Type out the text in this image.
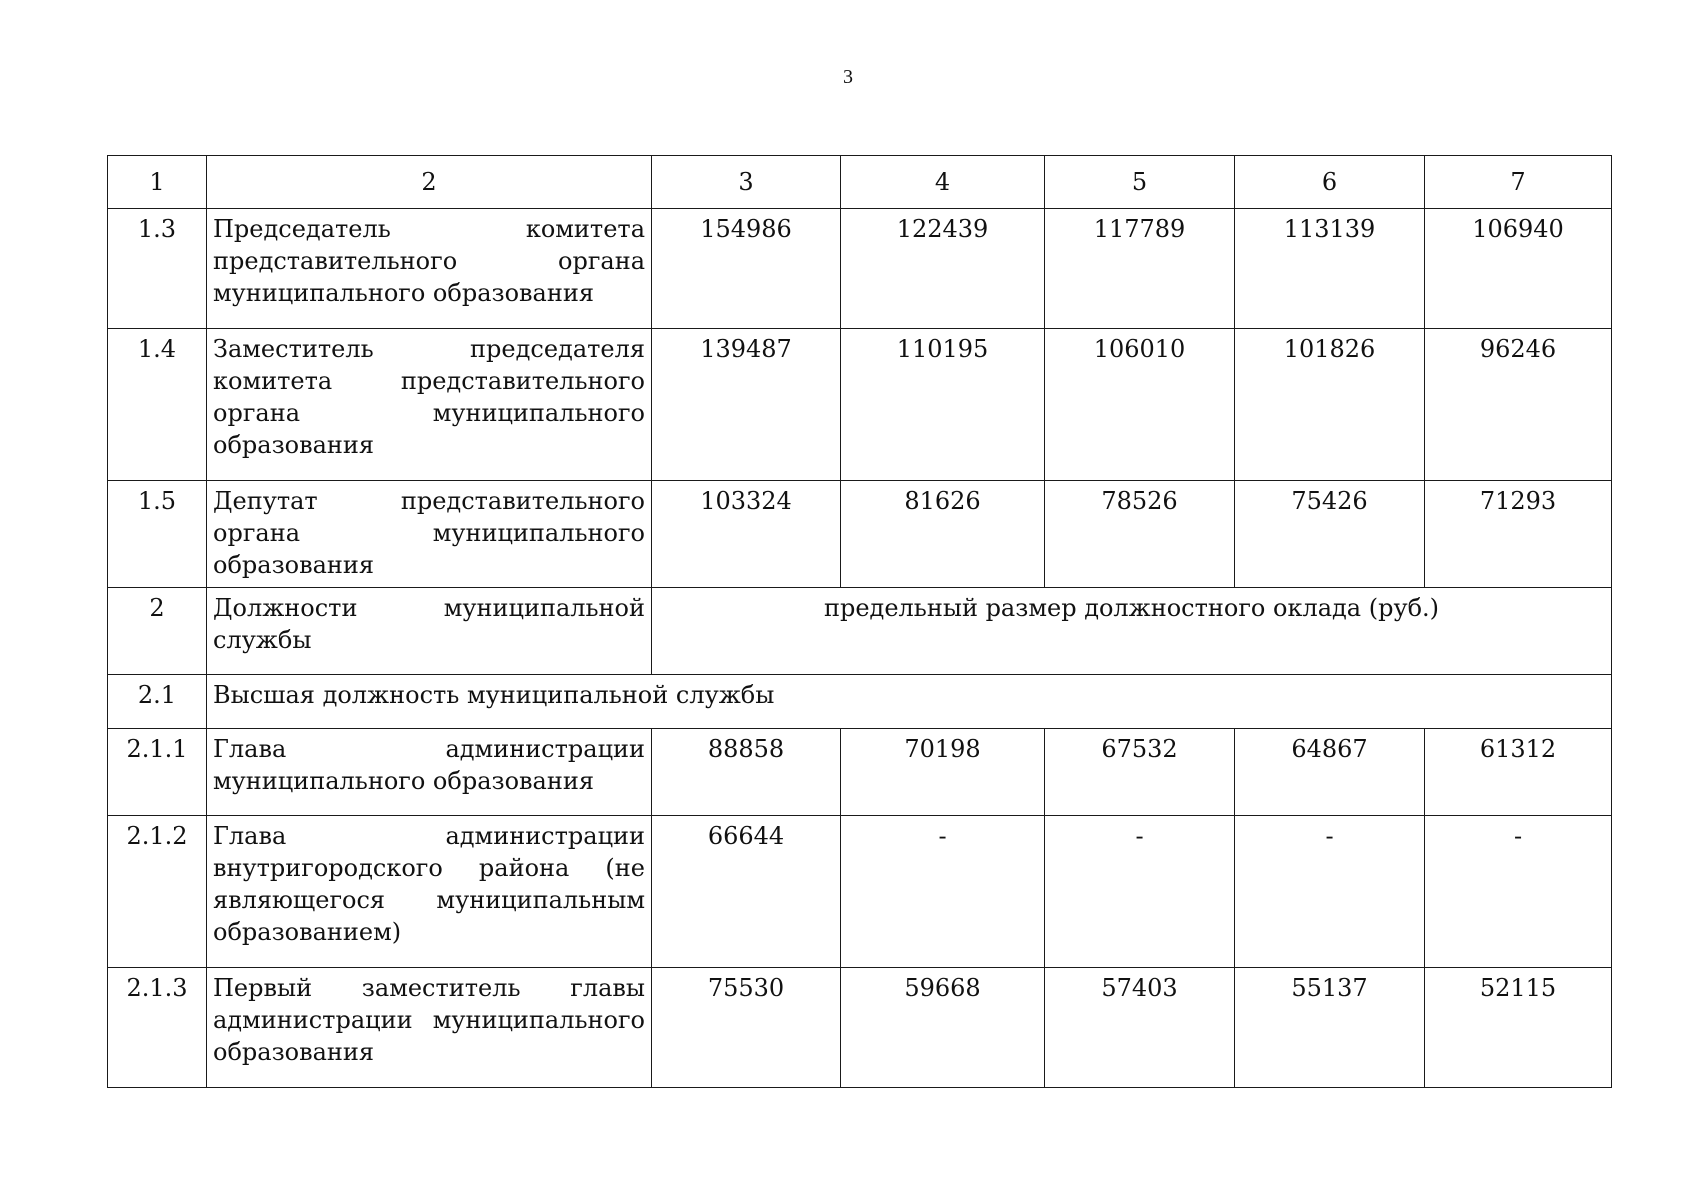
3
1	2	3	4	5	6	7
1.3	Председатель комитета представительного органа муниципального образования	154986	122439	117789	113139	106940
1.4	Заместитель председателя комитета представительного органа муниципального образования	139487	110195	106010	101826	96246
1.5	Депутат представительного органа муниципального образования	103324	81626	78526	75426	71293
2	Должности муниципальной службы	предельный размер должностного оклада (руб.)				
2.1	Высшая должность муниципальной службы					
2.1.1	Глава администрации муниципального образования	88858	70198	67532	64867	61312
2.1.2	Глава администрации внутригородского района (не являющегося муниципальным образованием)	66644	-	-	-	-
2.1.3	Первый заместитель главы администрации муниципального образования	75530	59668	57403	55137	52115
